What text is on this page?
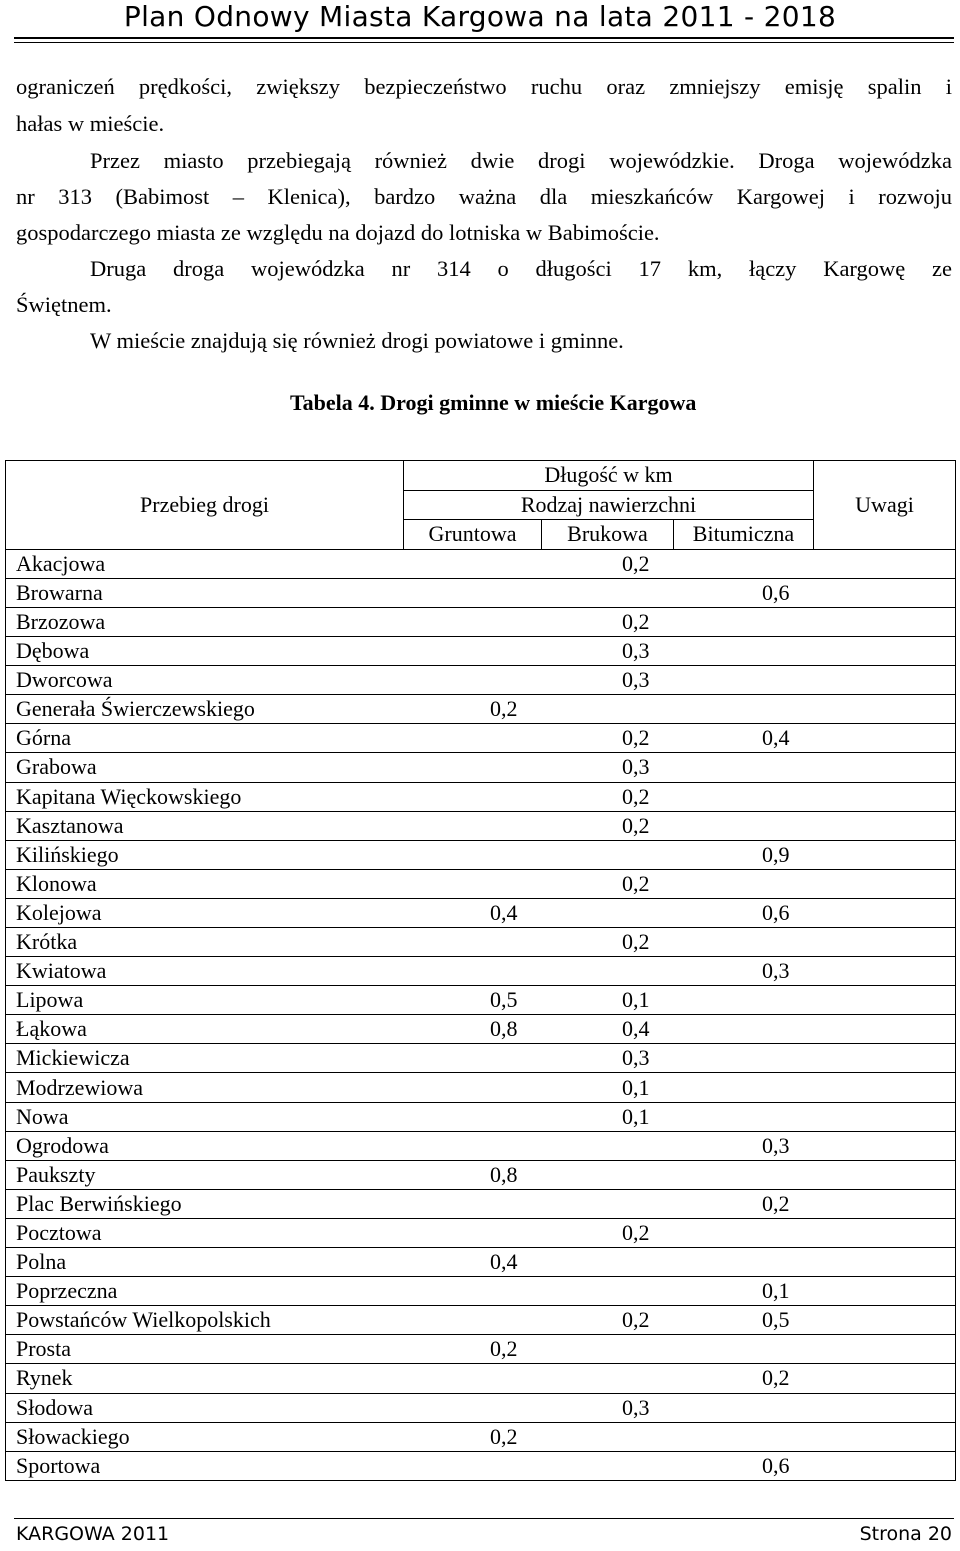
Plan Odnowy Miasta Kargowa na lata 2011 - 2018
ograniczeń prędkości, zwiększy bezpieczeństwo ruchu oraz zmniejszy emisję spalin i
hałas w mieście.
Przez miasto przebiegają również dwie drogi wojewódzkie. Droga wojewódzka
nr 313 (Babimost – Klenica), bardzo ważna dla mieszkańców Kargowej i rozwoju
gospodarczego miasta ze względu na dojazd do lotniska w Babimoście.
Druga droga wojewódzka nr 314 o długości 17 km, łączy Kargowę ze
Świętnem.
W mieście znajdują się również drogi powiatowe i gminne.
Tabela 4. Drogi gminne w mieście Kargowa
Przebieg drogi	Długość w km			Uwagi
	Rodzaj nawierzchni			
	Gruntowa	Brukowa	Bitumiczna	
Akacjowa		0,2		
Browarna			0,6	
Brzozowa		0,2		
Dębowa		0,3		
Dworcowa		0,3		
Generała Świerczewskiego	0,2			
Górna		0,2	0,4	
Grabowa		0,3		
Kapitana Więckowskiego		0,2		
Kasztanowa		0,2		
Kilińskiego			0,9	
Klonowa		0,2		
Kolejowa	0,4		0,6	
Krótka		0,2		
Kwiatowa			0,3	
Lipowa	0,5	0,1		
Łąkowa	0,8	0,4		
Mickiewicza		0,3		
Modrzewiowa		0,1		
Nowa		0,1		
Ogrodowa			0,3	
Paukszty	0,8			
Plac Berwińskiego			0,2	
Pocztowa		0,2		
Polna	0,4			
Poprzeczna			0,1	
Powstańców Wielkopolskich		0,2	0,5	
Prosta	0,2			
Rynek			0,2	
Słodowa		0,3		
Słowackiego	0,2			
Sportowa			0,6	
KARGOWA 2011	Strona 20
